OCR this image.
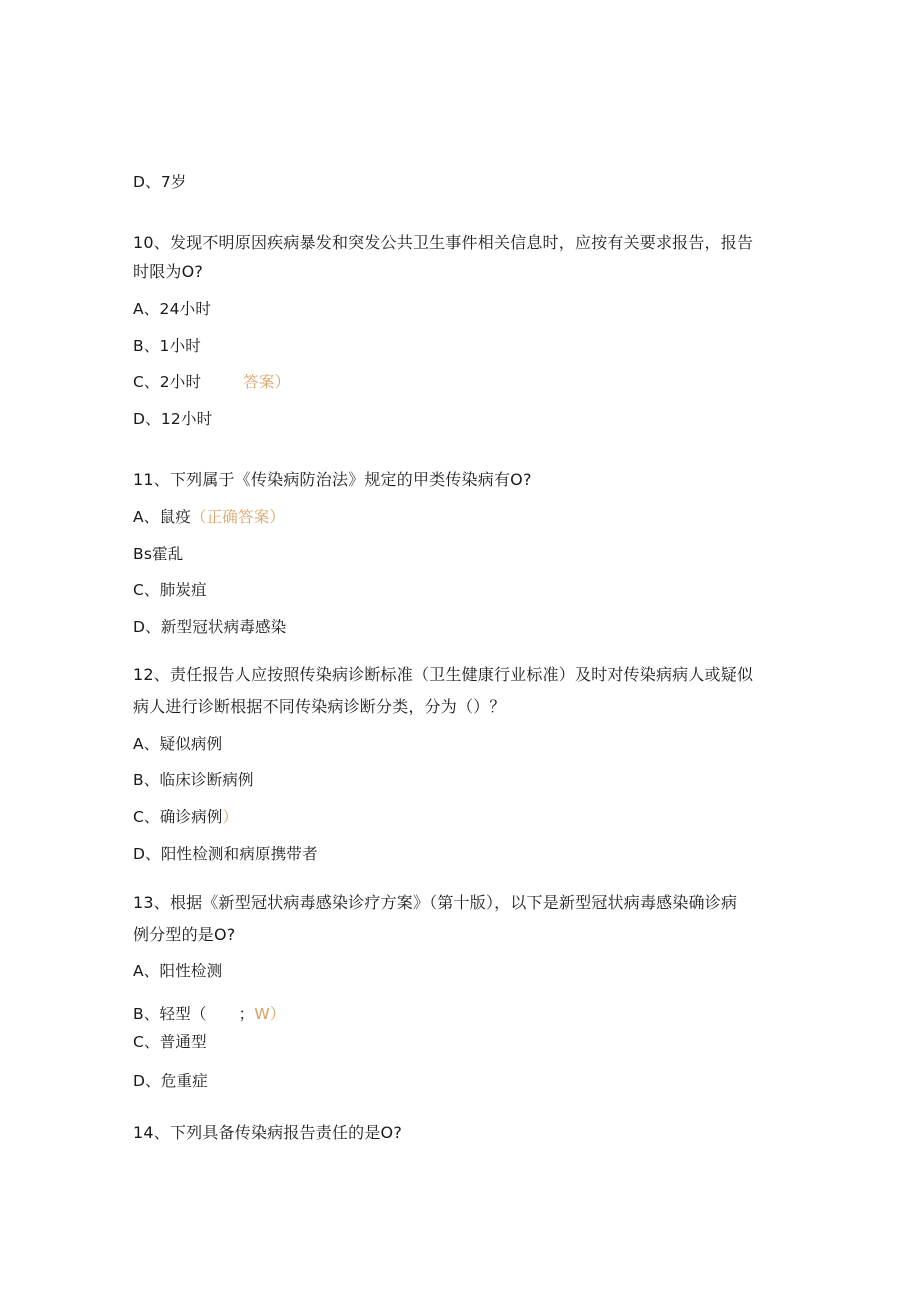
D、7岁
10、发现不明原因疾病暴发和突发公共卫生事件相关信息时，应按有关要求报告，报告
时限为O?
A、24小时
B、1小时
C、2小时	答案）
D、12小时
11、下列属于《传染病防治法》规定的甲类传染病有O?
A、鼠疫（正确答案）
Bs霍乱
C、肺炭疽
D、新型冠状病毒感染
12、责任报告人应按照传染病诊断标准（卫生健康行业标准）及时对传染病病人或疑似
病人进行诊断根据不同传染病诊断分类，分为（）？
A、疑似病例
B、临床诊断病例
C、确诊病例）
D、阳性检测和病原携带者
13、根据《新型冠状病毒感染诊疗方案》（第十版），以下是新型冠状病毒感染确诊病
例分型的是O?
A、阳性检测
B、轻型（ ；W）
C、普通型
D、危重症
14、下列具备传染病报告责任的是O?
